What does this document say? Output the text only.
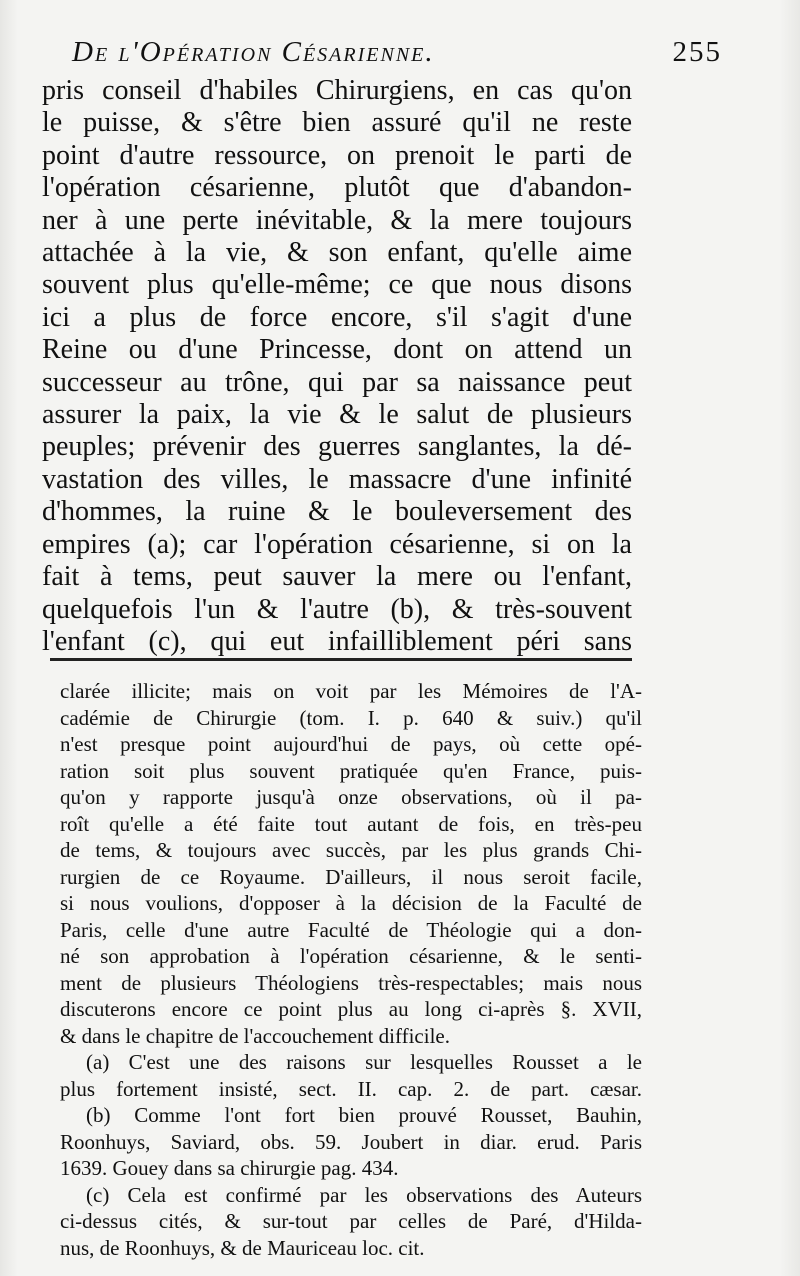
De l'Opération Césarienne.	255
pris conseil d'habiles Chirurgiens, en cas qu'on
le puisse, & s'être bien assuré qu'il ne reste
point d'autre ressource, on prenoit le parti de
l'opération césarienne, plutôt que d'abandon-
ner à une perte inévitable, & la mere toujours
attachée à la vie, & son enfant, qu'elle aime
souvent plus qu'elle-même; ce que nous disons
ici a plus de force encore, s'il s'agit d'une
Reine ou d'une Princesse, dont on attend un
successeur au trône, qui par sa naissance peut
assurer la paix, la vie & le salut de plusieurs
peuples; prévenir des guerres sanglantes, la dé-
vastation des villes, le massacre d'une infinité
d'hommes, la ruine & le bouleversement des
empires (a); car l'opération césarienne, si on la
fait à tems, peut sauver la mere ou l'enfant,
quelquefois l'un & l'autre (b), & très-souvent
l'enfant (c), qui eut infailliblement péri sans
clarée illicite; mais on voit par les Mémoires de l'A-
cadémie de Chirurgie (tom. I. p. 640 & suiv.) qu'il
n'est presque point aujourd'hui de pays, où cette opé-
ration soit plus souvent pratiquée qu'en France, puis-
qu'on y rapporte jusqu'à onze observations, où il pa-
roît qu'elle a été faite tout autant de fois, en très-peu
de tems, & toujours avec succès, par les plus grands Chi-
rurgien de ce Royaume. D'ailleurs, il nous seroit facile,
si nous voulions, d'opposer à la décision de la Faculté de
Paris, celle d'une autre Faculté de Théologie qui a don-
né son approbation à l'opération césarienne, & le senti-
ment de plusieurs Théologiens très-respectables; mais nous
discuterons encore ce point plus au long ci-après §. XVII,
& dans le chapitre de l'accouchement difficile.
(a) C'est une des raisons sur lesquelles Rousset a le
plus fortement insisté, sect. II. cap. 2. de part. cæsar.
(b) Comme l'ont fort bien prouvé Rousset, Bauhin,
Roonhuys, Saviard, obs. 59. Joubert in diar. erud. Paris
1639. Gouey dans sa chirurgie pag. 434.
(c) Cela est confirmé par les observations des Auteurs
ci-dessus cités, & sur-tout par celles de Paré, d'Hilda-
nus, de Roonhuys, & de Mauriceau loc. cit.
